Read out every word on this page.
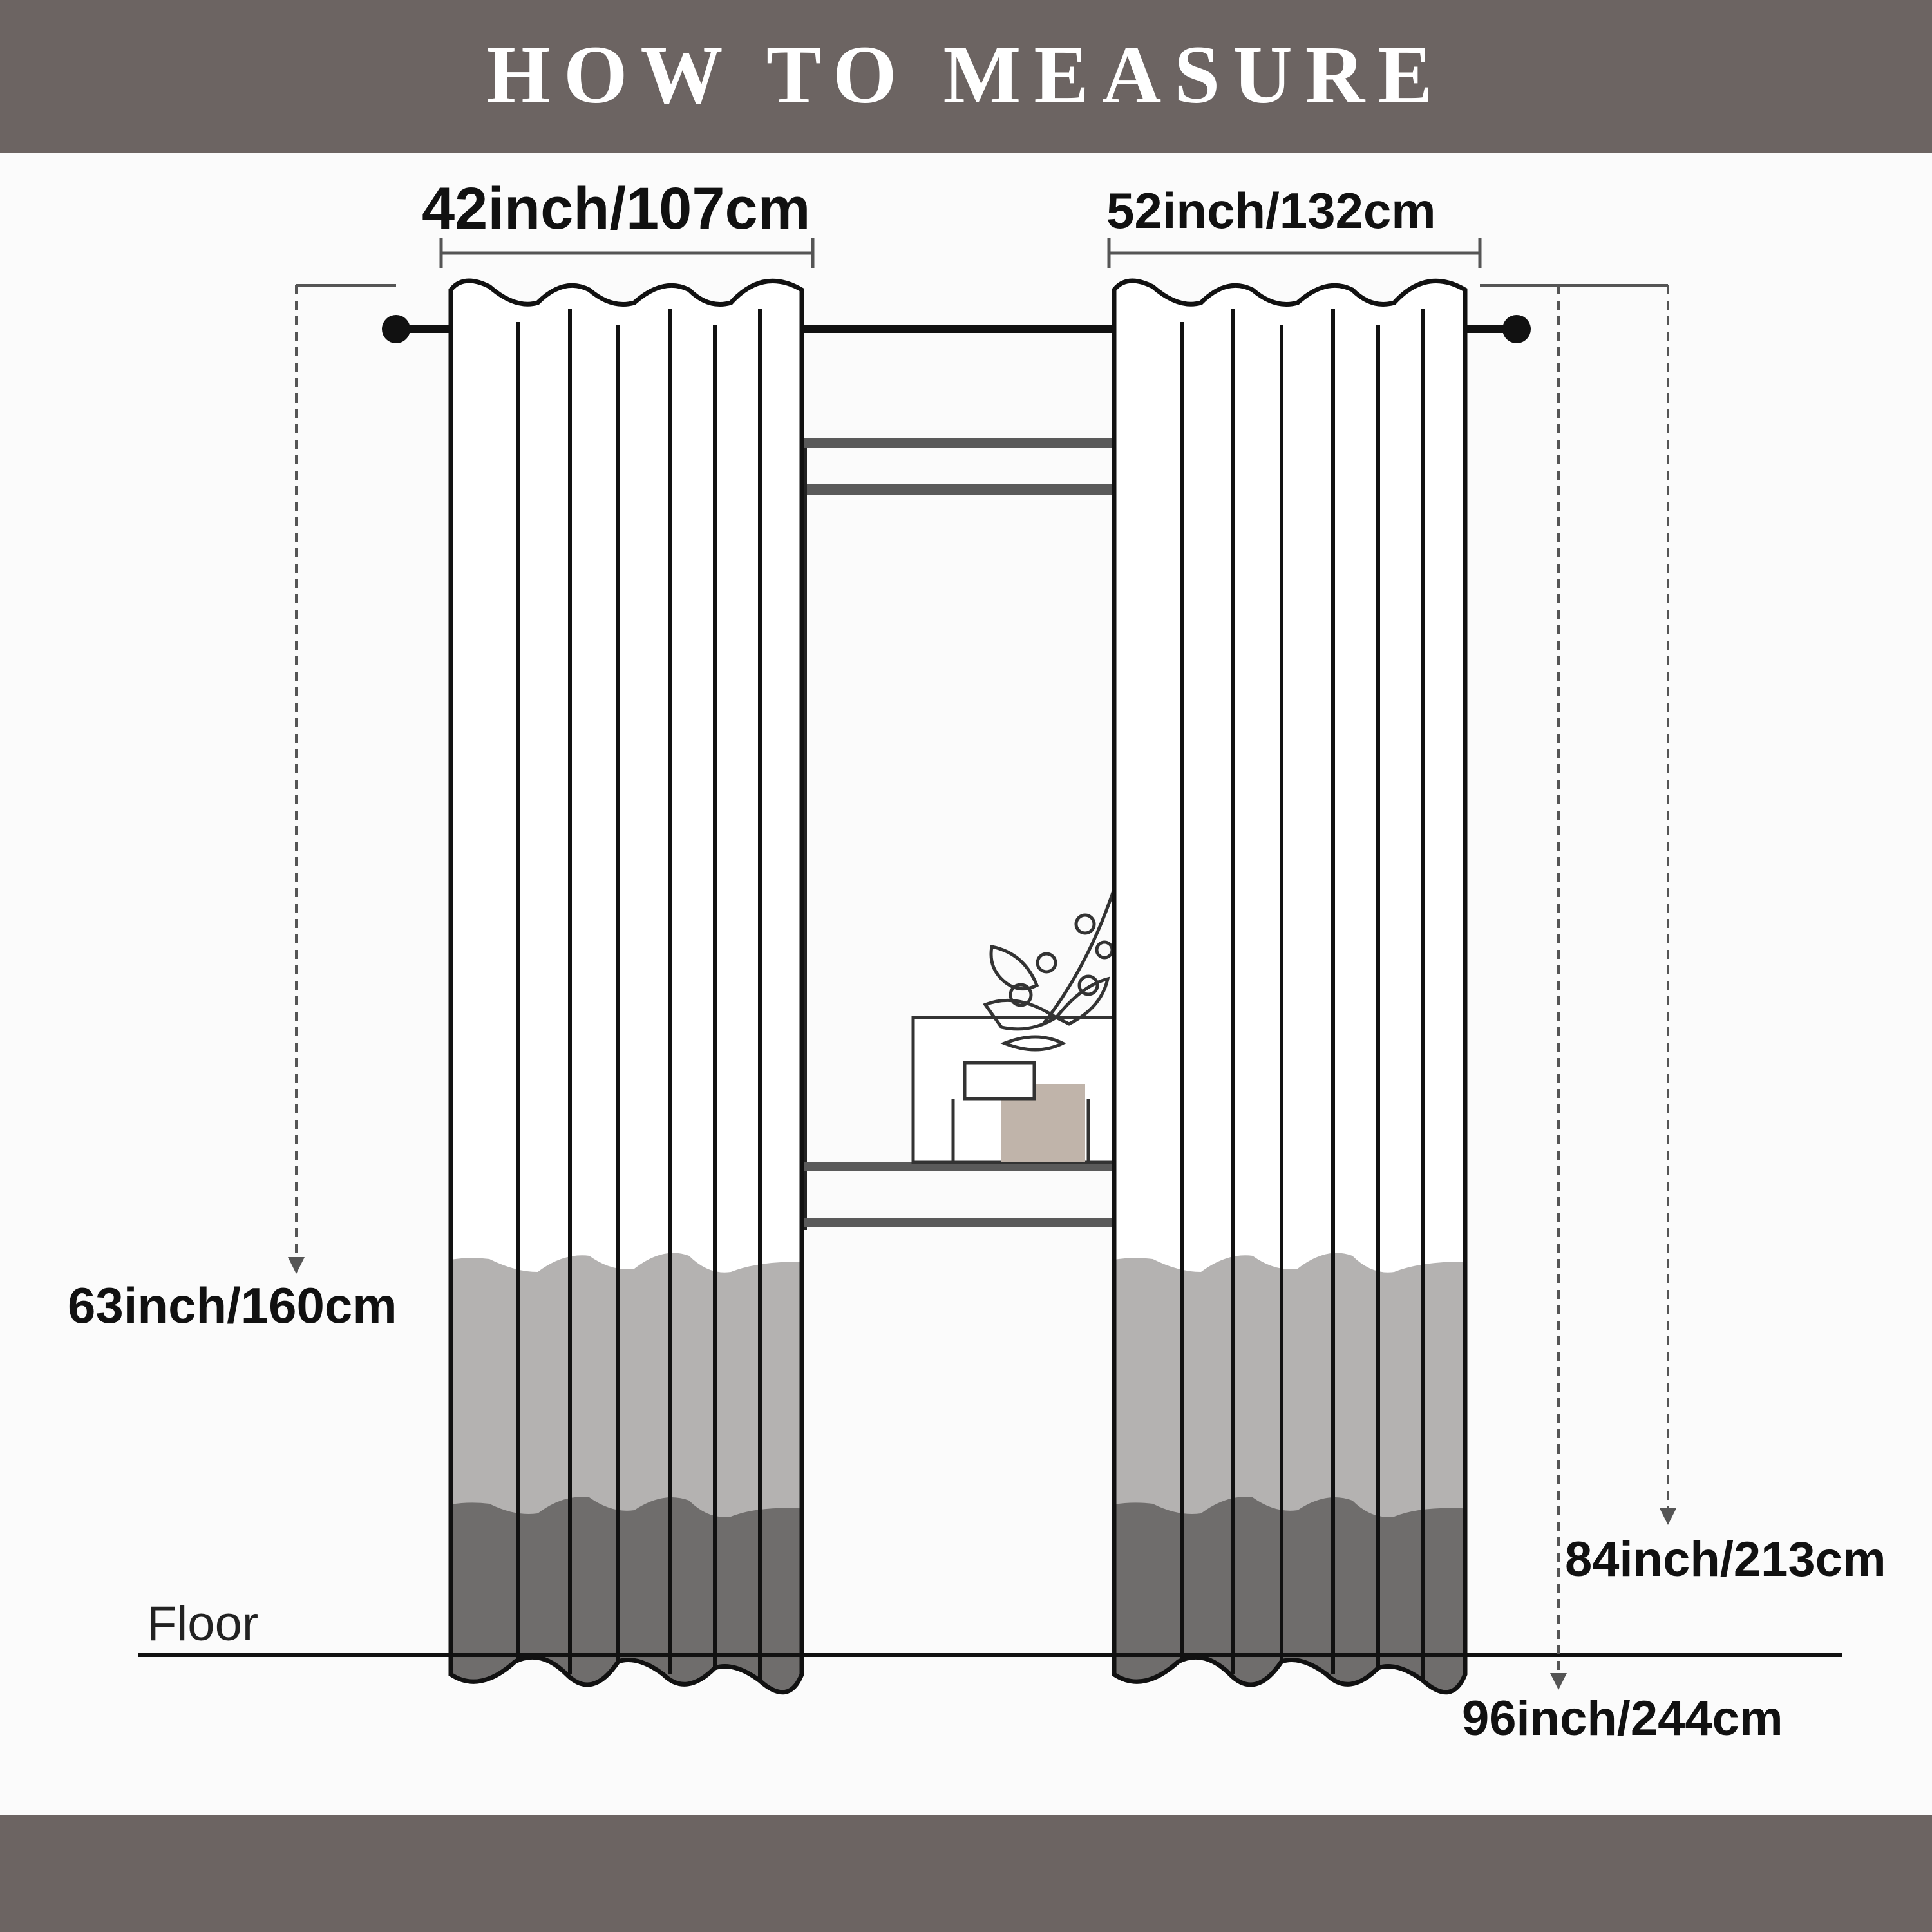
HOW TO MEASURE
42inch/107cm	52inch/132cm
63inch/160cm
84inch/213cm
96inch/244cm
Floor
